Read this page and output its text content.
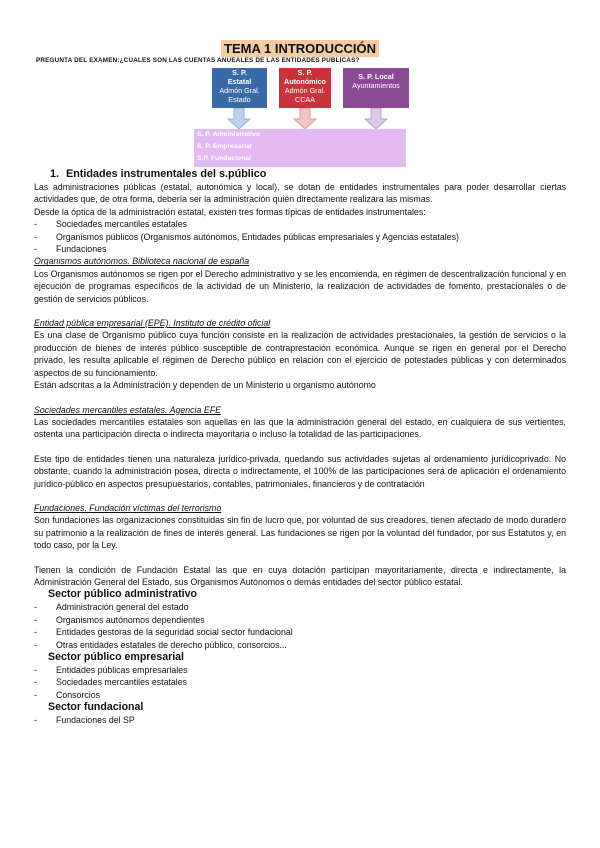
TEMA 1 INTRODUCCIÓN
PREGUNTA DEL EXAMEN:¿CUALES SON LAS CUENTAS ANUEALES DE LAS ENTIDADES PUBLICAS?
S. P.
Estatal
Admón Gral.
Estado
S. P.
Autonómico
Admón Gral.
CCAA
S. P. Local
Ayuntamientos
S. P. Administrativo
S. P. Empresarial
S.P. Fundacional
1. Entidades instrumentales del s.público

Las administraciones públicas (estatal, autonómica y local), se dotan de entidades instrumentales para poder desarrollar ciertas actividades que, de otra forma, debería ser la administración quién directamente realizara las mismas.

Desde la óptica de la administración estatal, existen tres formas típicas de entidades instrumentales:

- Sociedades mercantiles estatales
- Organismos públicos (Organismos autónomos, Entidades públicas empresariales y Agencias estatales)
- Fundaciones
Organismos autónomos. Biblioteca nacional de españa

Los Organismos autónomos se rigen por el Derecho administrativo y se les encomienda, en régimen de descentralización funcional y en ejecución de programas específicos de la actividad de un Ministerio, la realización de actividades de fomento, prestacionales o de gestión de servicios públicos.

Entidad pública empresarial (EPE). Instituto de crédito oficial

Es una clase de Organismo público cuya función consiste en la realización de actividades prestacionales, la gestión de servicios o la producción de bienes de interés público susceptible de contraprestación económica. Aunque se rigen en general por el Derecho privado, les resulta aplicable el régimen de Derecho público en relación con el ejercicio de potestades públicas y con determinados aspectos de su funcionamiento.

Están adscritas a la Administración y dependen de un Ministerio u organismo autónomo

Sociedades mercantiles estatales. Agencia EFE

Las sociedades mercantiles estatales son aquellas en las que la administración general del estado, en cualquiera de sus vertientes, ostenta una participación directa o indirecta mayoritaria o incluso la totalidad de las participaciones.

Este tipo de entidades tienen una naturaleza jurídico-privada, quedando sus actividades sujetas al ordenamiento jurídicoprivado. No obstante, cuando la administración posea, directa o indirectamente, el 100% de las participaciones será de aplicación el ordenamiento jurídico-público en aspectos presupuestarios, contables, patrimoniales, financieros y de contratación

Fundaciones. Fundación víctimas del terrorismo

Son fundaciones las organizaciones constituidas sin fin de lucro que, por voluntad de sus creadores, tienen afectado de modo duradero su patrimonio a la realización de fines de interés general. Las fundaciones se rigen por la voluntad del fundador, por sus Estatutos y, en todo caso, por la Ley.

Tienen la condición de Fundación Estatal las que en cuya dotación participan mayoritariamente, directa e indirectamente, la Administración General del Estado, sus Organismos Autónomos o demás entidades del sector público estatal.

Sector público administrativo
- Administración general del estado
- Organismos autónomos dependientes
- Entidades gestoras de la seguridad social sector fundacional
- Otras entidades estatales de derecho público, consorcios...
Sector público empresarial
- Entidades públicas empresariales
- Sociedades mercantiles estatales
- Consorcios
Sector fundacional
- Fundaciones del SP
